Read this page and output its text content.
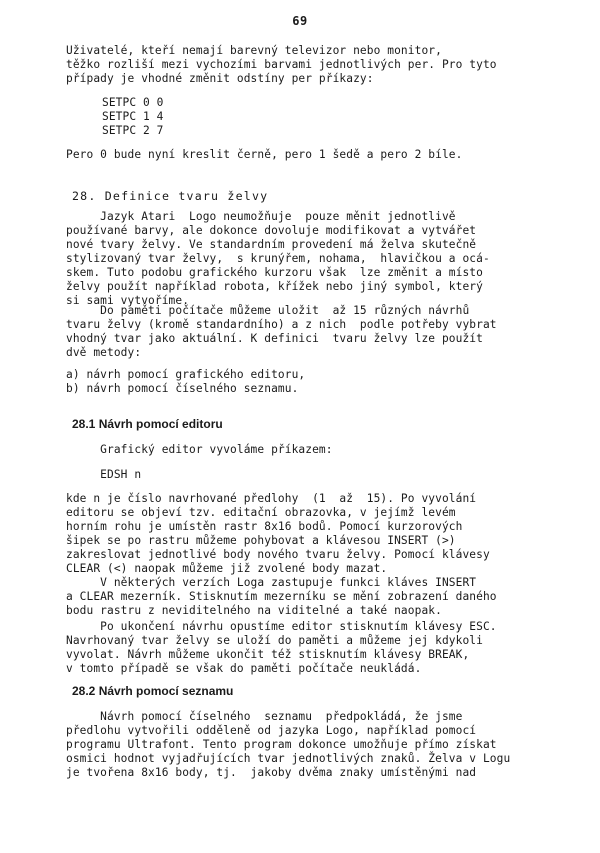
69
Uživatelé, kteří nemají barevný televizor nebo monitor,
těžko rozliší mezi vychozími barvami jednotlivých per. Pro tyto
případy je vhodné změnit odstíny per příkazy:
SETPC 0 0
SETPC 1 4
SETPC 2 7
Pero 0 bude nyní kreslit černě, pero 1 šedě a pero 2 bíle.
28. Definice tvaru želvy
Jazyk Atari  Logo neumožňuje  pouze měnit jednotlivě
používané barvy, ale dokonce dovoluje modifikovat a vytvářet
nové tvary želvy. Ve standardním provedení má želva skutečně
stylizovaný tvar želvy,  s krunýřem, nohama,  hlavičkou a ocá-
skem. Tuto podobu grafického kurzoru však  lze změnit a místo
želvy použít například robota, křížek nebo jiný symbol, který
si sami vytvoříme.
Do paměti počítače můžeme uložit  až 15 různých návrhů
tvaru želvy (kromě standardního) a z nich  podle potřeby vybrat
vhodný tvar jako aktuální. K definici  tvaru želvy lze použít
dvě metody:
a) návrh pomocí grafického editoru,
b) návrh pomocí číselného seznamu.
28.1 Návrh pomocí editoru
Grafický editor vyvoláme příkazem:
EDSH n
kde n je číslo navrhované předlohy  (1  až  15). Po vyvolání
editoru se objeví tzv. editační obrazovka, v jejímž levém
horním rohu je umístěn rastr 8x16 bodů. Pomocí kurzorových
šipek se po rastru můžeme pohybovat a klávesou INSERT (>)
zakreslovat jednotlivé body nového tvaru želvy. Pomocí klávesy
CLEAR (<) naopak můžeme již zvolené body mazat.
V některých verzích Loga zastupuje funkci kláves INSERT
a CLEAR mezerník. Stisknutím mezerníku se mění zobrazení daného
bodu rastru z neviditelného na viditelné a také naopak.
Po ukončení návrhu opustíme editor stisknutím klávesy ESC.
Navrhovaný tvar želvy se uloží do paměti a můžeme jej kdykoli
vyvolat. Návrh můžeme ukončit též stisknutím klávesy BREAK,
v tomto případě se však do paměti počítače neukládá.
28.2 Návrh pomocí seznamu
Návrh pomocí číselného  seznamu  předpokládá, že jsme
předlohu vytvořili odděleně od jazyka Logo, například pomocí
programu Ultrafont. Tento program dokonce umožňuje přímo získat
osmici hodnot vyjadřujících tvar jednotlivých znaků. Želva v Logu
je tvořena 8x16 body, tj.  jakoby dvěma znaky umístěnými nad
